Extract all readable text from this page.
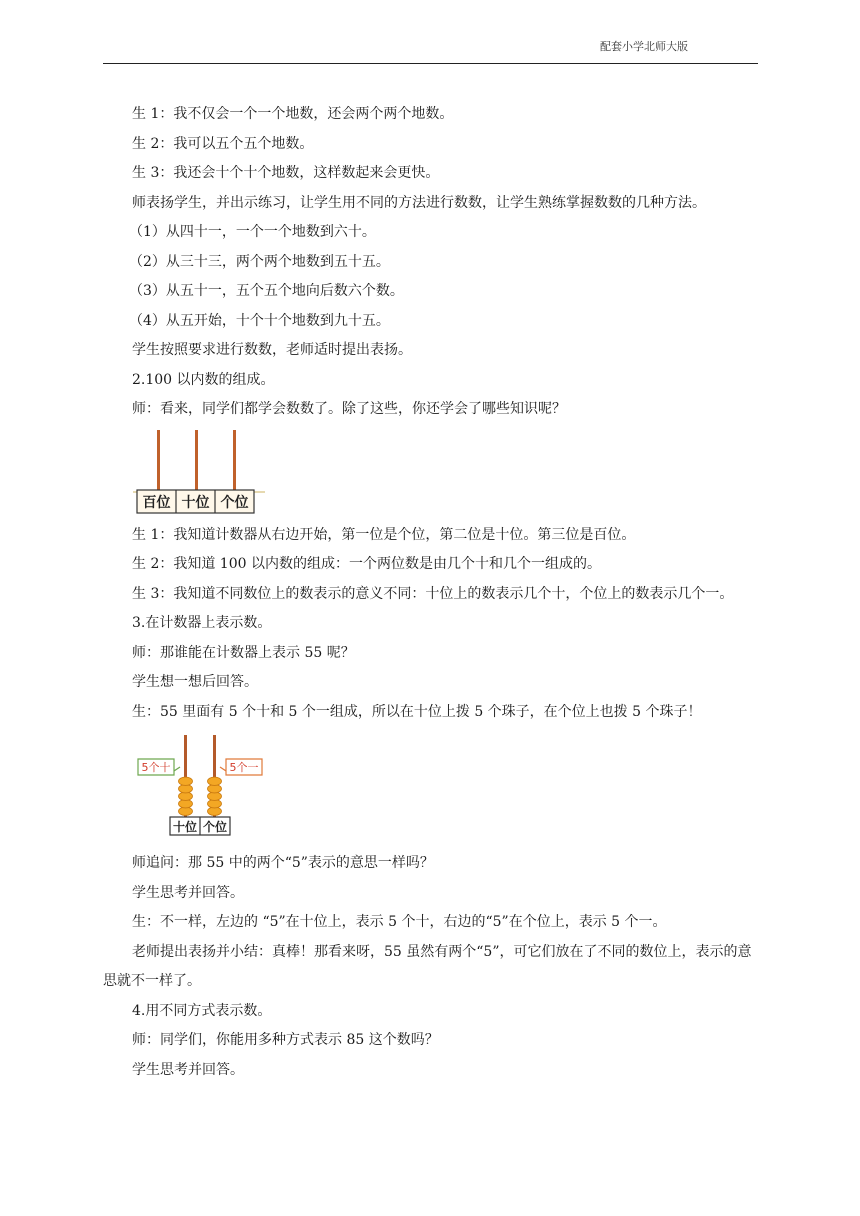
配套小学北师大版

生 1：我不仅会一个一个地数，还会两个两个地数。

生 2：我可以五个五个地数。

生 3：我还会十个十个地数，这样数起来会更快。

师表扬学生，并出示练习，让学生用不同的方法进行数数，让学生熟练掌握数数的几种方法。

（1）从四十一，一个一个地数到六十。

（2）从三十三，两个两个地数到五十五。

（3）从五十一，五个五个地向后数六个数。

（4）从五开始，十个十个地数到九十五。

学生按照要求进行数数，老师适时提出表扬。

2.100 以内数的组成。

师：看来，同学们都学会数数了。除了这些，你还学会了哪些知识呢？

百位 十位 个位

生 1：我知道计数器从右边开始，第一位是个位，第二位是十位。第三位是百位。

生 2：我知道 100 以内数的组成：一个两位数是由几个十和几个一组成的。

生 3：我知道不同数位上的数表示的意义不同：十位上的数表示几个十，个位上的数表示几个一。

3.在计数器上表示数。

师：那谁能在计数器上表示 55 呢？

学生想一想后回答。

生：55 里面有 5 个十和 5 个一组成，所以在十位上拨 5 个珠子，在个位上也拨 5 个珠子！

5个十	5个一
十位 个位

师追问：那 55 中的两个“5”表示的意思一样吗？

学生思考并回答。

生：不一样，左边的 “5”在十位上，表示 5 个十，右边的“5”在个位上，表示 5 个一。

老师提出表扬并小结：真棒！那看来呀，55 虽然有两个“5”，可它们放在了不同的数位上，表示的意思就不一样了。

4.用不同方式表示数。

师：同学们，你能用多种方式表示 85 这个数吗？

学生思考并回答。
